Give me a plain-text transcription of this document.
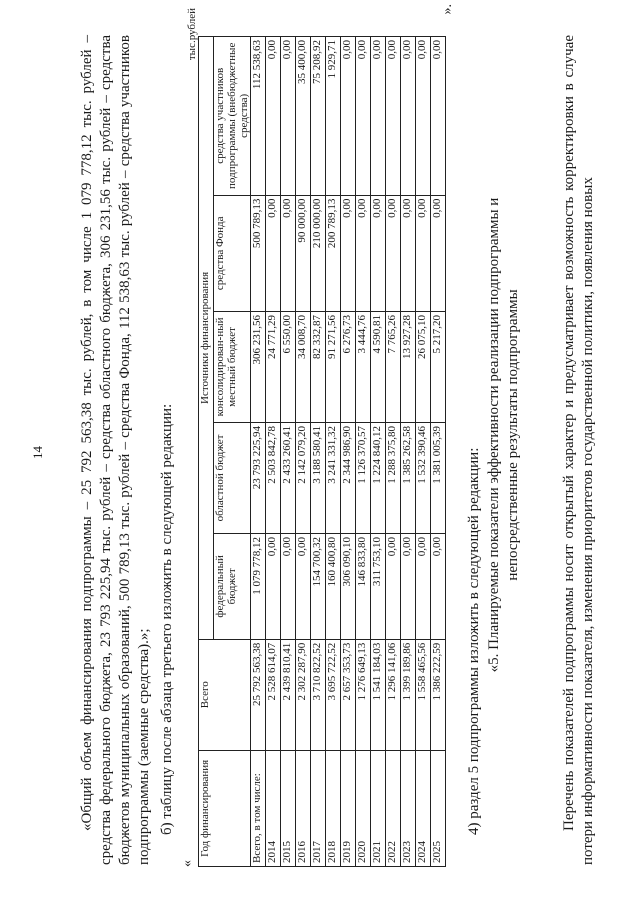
14 «Общий объем финансирования подпрограммы – 25 792 563,38 тыс. рублей, в том числе 1 079 778,12 тыс. рублей – средства федерального бюджета, 23 793 225,94 тыс. рублей – средства областного бюджета, 306 231,56 тыс. рублей – средства бюджетов муниципальных образований, 500 789,13 тыс. рублей – средства Фонда, 112 538,63 тыс. рублей – средства участников подпрограммы (заемные средства).»; б) таблицу после абзаца третьего изложить в следующей редакции:
«
тыс.рублей
Год финансирования	Всего	Источники финансирования				
		федеральный бюджет	областной бюджет	консолидирован-ный местный бюджет	средства Фонда	средства участников подпрограммы (внебюджетные средства)
Всего, в том числе:	25 792 563,38	1 079 778,12	23 793 225,94	306 231,56	500 789,13	112 538,63
2014	2 528 614,07	0,00	2 503 842,78	24 771,29	0,00	0,00
2015	2 439 810,41	0,00	2 433 260,41	6 550,00	0,00	0,00
2016	2 302 287,90	0,00	2 142 079,20	34 008,70	90 000,00	35 400,00
2017	3 710 822,52	154 700,32	3 188 580,41	82 332,87	210 000,00	75 208,92
2018	3 695 722,52	160 400,80	3 241 331,32	91 271,56	200 789,13	1 929,71
2019	2 657 353,73	306 090,10	2 344 986,90	6 276,73	0,00	0,00
2020	1 276 649,13	146 833,80	1 126 370,57	3 444,76	0,00	0,00
2021	1 541 184,03	311 753,10	1 224 840,12	4 590,81	0,00	0,00
2022	1 296 141,06	0,00	1 288 375,80	7 765,26	0,00	0,00
2023	1 399 189,86	0,00	1 385 262,58	13 927,28	0,00	0,00
2024	1 558 465,56	0,00	1 532 390,46	26 075,10	0,00	0,00
2025	1 386 222,59	0,00	1 381 005,39	5 217,20	0,00	0,00
».
4) раздел 5 подпрограммы изложить в следующей редакции: «5. Планируемые показатели эффективности реализации подпрограммы и непосредственные результаты подпрограммы	Перечень показателей подпрограммы носит открытый характер и предусматривает возможность корректировки в случае потери информативности показателя, изменения приоритетов государственной политики, появления новых
